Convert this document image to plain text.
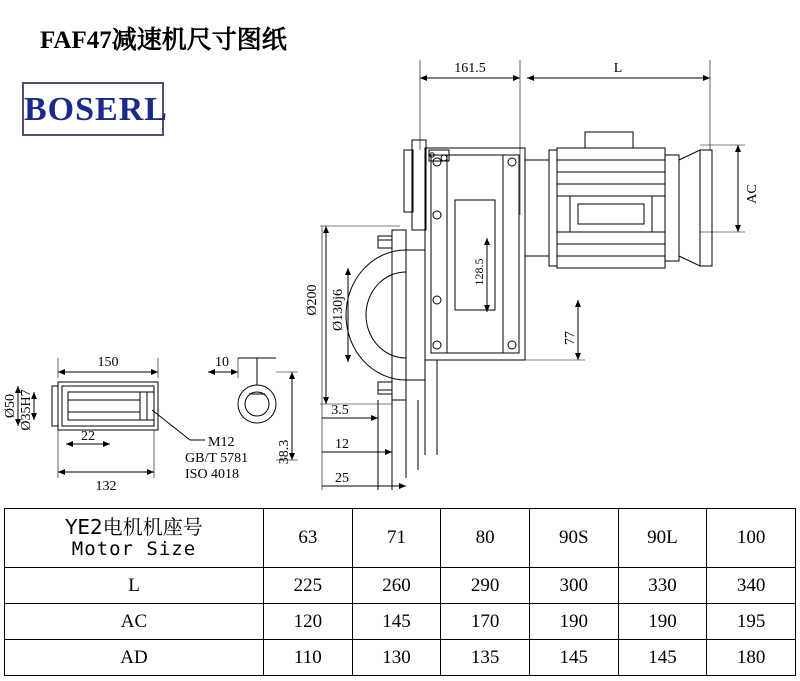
FAF47减速机尺寸图纸
BOSERL
161.5	L
AC
Ø200 Ø130j6
128.5
77
3.5
12
25
150	10
Ø50 Ø35H7
22
132
38.3
M12
GB/T 5781
ISO 4018
YE2电机机座号
Motor Size	63	71	80	90S	90L	100
L	225	260	290	300	330	340
AC	120	145	170	190	190	195
AD	110	130	135	145	145	180
